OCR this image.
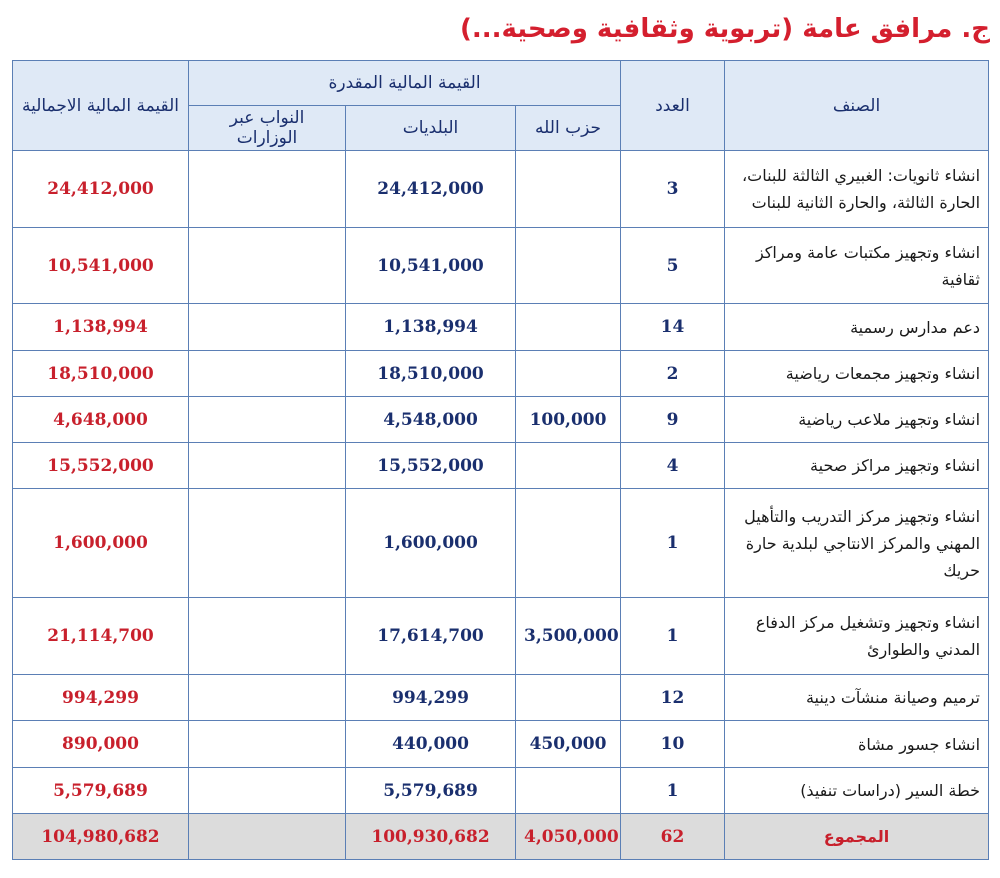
ج. مرافق عامة (تربوية وثقافية وصحية...)
الصنف	العدد	القيمة المالية المقدرة			القيمة المالية الاجمالية
		حزب الله	البلديات	النواب عبر الوزارات	
انشاء ثانويات: الغبيري الثالثة للبنات، الحارة الثالثة، والحارة الثانية للبنات	3		24,412,000		24,412,000
انشاء وتجهيز مكتبات عامة ومراكز ثقافية	5		10,541,000		10,541,000
دعم مدارس رسمية	14		1,138,994		1,138,994
انشاء وتجهيز مجمعات رياضية	2		18,510,000		18,510,000
انشاء وتجهيز ملاعب رياضية	9	100,000	4,548,000		4,648,000
انشاء وتجهيز مراكز صحية	4		15,552,000		15,552,000
انشاء وتجهيز مركز التدريب والتأهيل المهني والمركز الانتاجي لبلدية حارة حريك	1		1,600,000		1,600,000
انشاء وتجهيز وتشغيل مركز الدفاع المدني والطوارئ	1	3,500,000	17,614,700		21,114,700
ترميم وصيانة منشآت دينية	12		994,299		994,299
انشاء جسور مشاة	10	450,000	440,000		890,000
خطة السير (دراسات تنفيذ)	1		5,579,689		5,579,689
المجموع	62	4,050,000	100,930,682		104,980,682
